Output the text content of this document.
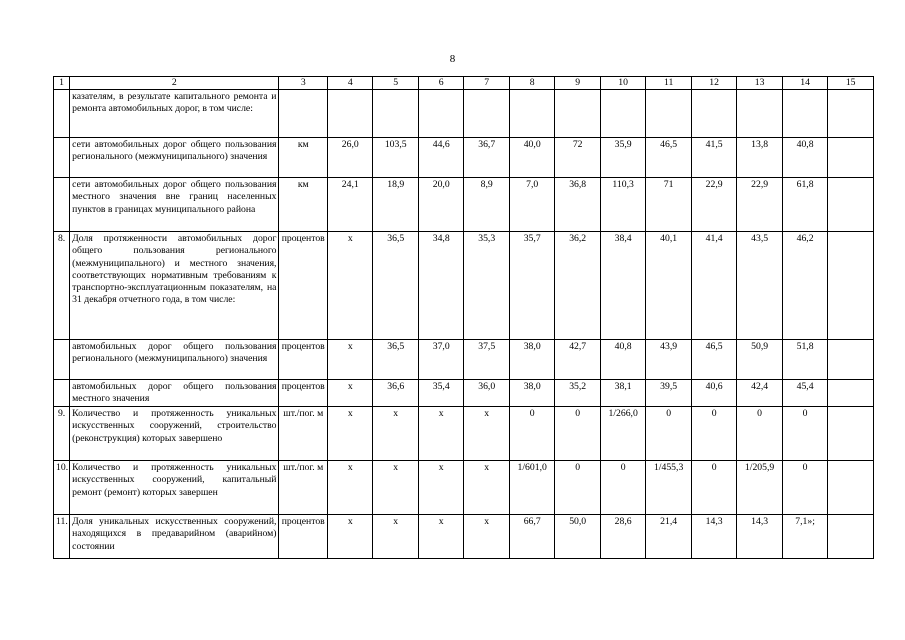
8
1	2	3	4	5	6	7	8	9	10	11	12	13	14	15
	казателям, в результате капитального ремонта и ремонта автомобильных дорог, в том числе:													
	сети автомобильных дорог общего пользования регионального (межмуниципального) значения	км	26,0	103,5	44,6	36,7	40,0	72	35,9	46,5	41,5	13,8	40,8	
	сети автомобильных дорог общего пользования местного значения вне границ населенных пунктов в границах муниципального района	км	24,1	18,9	20,0	8,9	7,0	36,8	110,3	71	22,9	22,9	61,8	
8.	Доля протяженности автомобильных дорог общего пользования регионального (межмуниципального) и местного значения, соответствующих нормативным требованиям к транспортно-эксплуатационным показателям, на 31 декабря отчетного года, в том числе:	процентов	х	36,5	34,8	35,3	35,7	36,2	38,4	40,1	41,4	43,5	46,2	
	автомобильных дорог общего пользования регионального (межмуниципального) значения	процентов	х	36,5	37,0	37,5	38,0	42,7	40,8	43,9	46,5	50,9	51,8	
	автомобильных дорог общего пользования местного значения	процентов	х	36,6	35,4	36,0	38,0	35,2	38,1	39,5	40,6	42,4	45,4	
9.	Количество и протяженность уникальных искусственных сооружений, строительство (реконструкция) которых завершено	шт./пог. м	х	х	х	х	0	0	1/266,0	0	0	0	0	
10.	Количество и протяженность уникальных искусственных сооружений, капитальный ремонт (ремонт) которых завершен	шт./пог. м	х	х	х	х	1/601,0	0	0	1/455,3	0	1/205,9	0	
11.	Доля уникальных искусственных сооружений, находящихся в предаварийном (аварийном) состоянии	процентов	х	х	х	х	66,7	50,0	28,6	21,4	14,3	14,3	7,1»;	
